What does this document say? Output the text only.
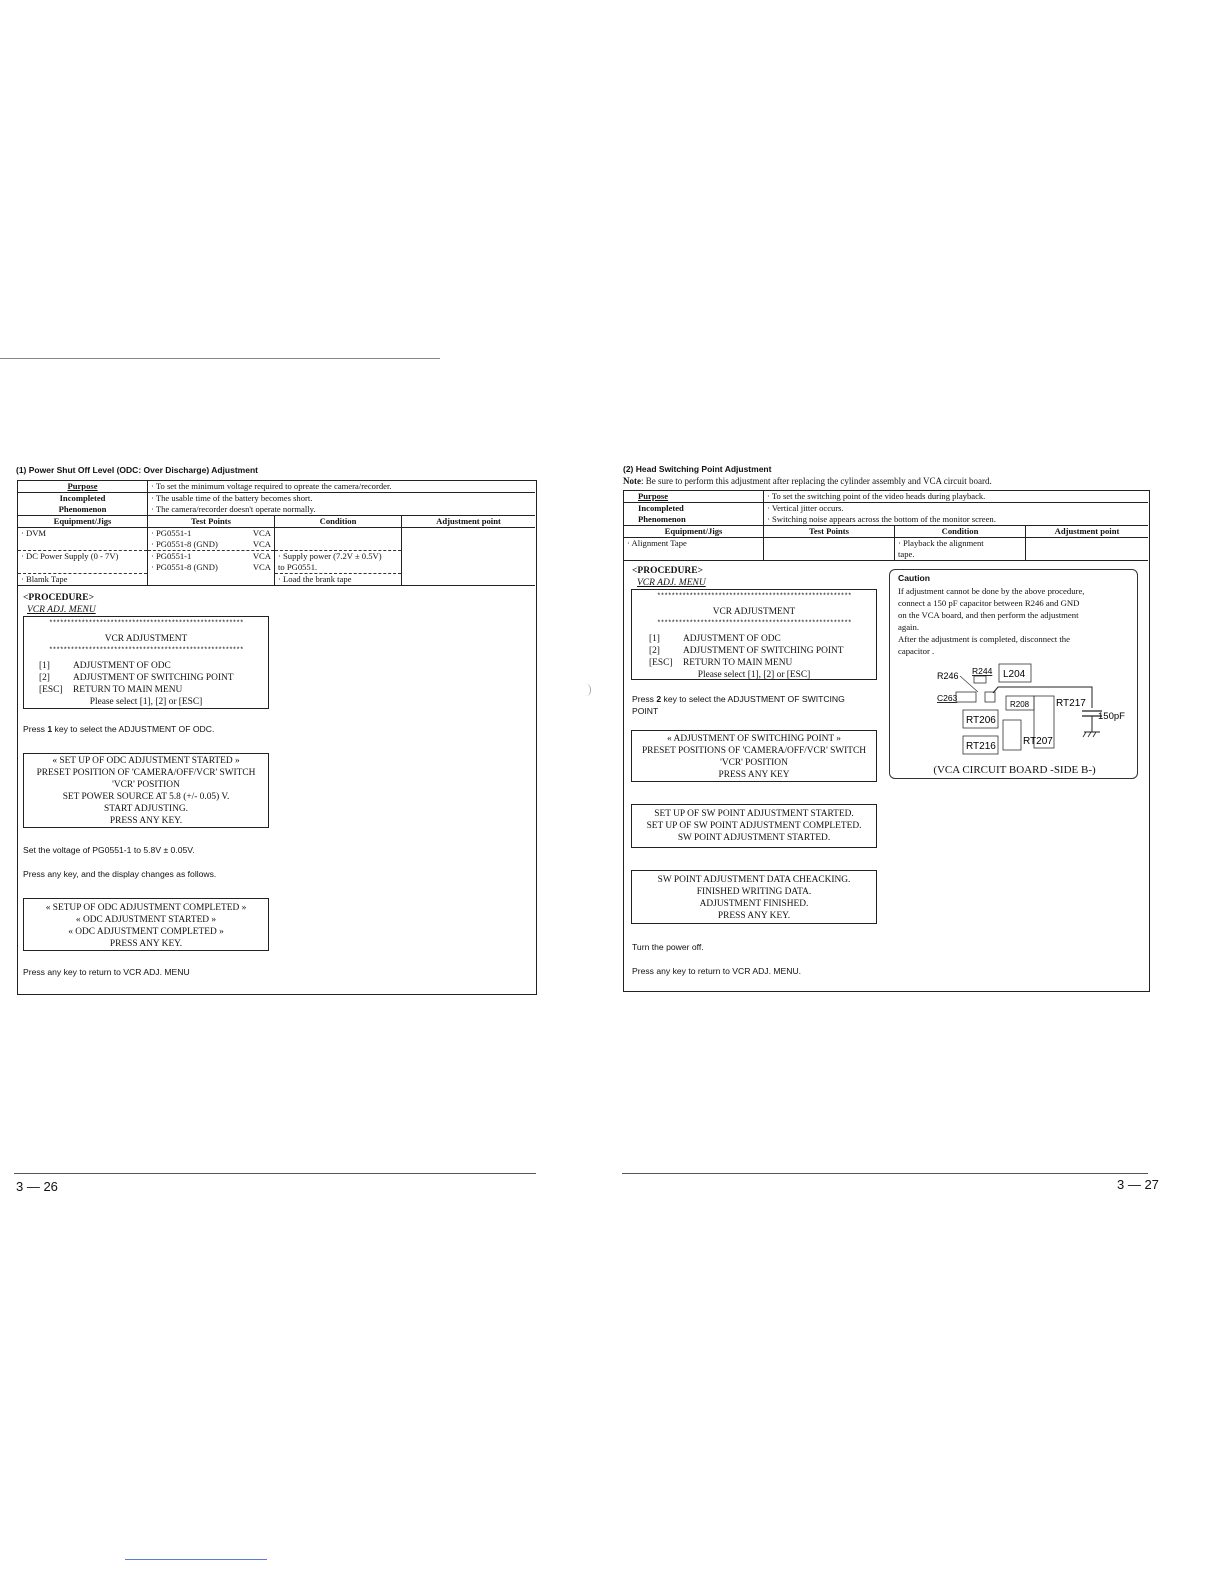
(1) Power Shut Off Level (ODC: Over Discharge) Adjustment
Purpose	· To set the minimum voltage required to opreate the camera/recorder.		
Incompleted	· The usable time of the battery becomes short.		
Phenomenon	· The camera/recorder doesn't operate normally.		
Equipment/Jigs	Test Points	Condition	Adjustment point
· DVM	· PG0551-1 VCA		

	· PG0551-8 (GND) VCA		

· DC Power Supply (0 - 7V)	· PG0551-1 VCA	· Supply power (7.2V ± 0.5V)	

	· PG0551-8 (GND) VCA	to PG0551.	
· Blamk Tape		· Load the brank tape	
<PROCEDURE>
VCR ADJ. MENU
******************************************************
VCR ADJUSTMENT
******************************************************
[1]	ADJUSTMENT OF ODC
[2]	ADJUSTMENT OF SWITCHING POINT
[ESC]	RETURN TO MAIN MENU
Please select [1], [2] or [ESC]
Press 1 key to select the ADJUSTMENT OF ODC.
« SET UP OF ODC ADJUSTMENT STARTED »
PRESET POSITION OF 'CAMERA/OFF/VCR' SWITCH
'VCR' POSITION
SET POWER SOURCE AT 5.8 (+/- 0.05) V.
START ADJUSTING.
PRESS ANY KEY.
Set the voltage of PG0551-1 to 5.8V ± 0.05V.
Press any key, and the display changes as follows.
« SETUP OF ODC ADJUSTMENT COMPLETED »
« ODC ADJUSTMENT STARTED »
« ODC ADJUSTMENT COMPLETED »
PRESS ANY KEY.
Press any key to return to VCR ADJ. MENU
3 — 26
(2) Head Switching Point Adjustment
Note: Be sure to perform this adjustment after replacing the cylinder assembly and VCA circuit board.
Purpose	· To set the switching point of the video heads during playback.		
Incompleted	· Vertical jitter occurs.		
Phenomenon	· Switching noise appears across the bottom of the monitor screen.		
Equipment/Jigs	Test Points	Condition	Adjustment point
· Alignment Tape		· Playback the alignment
tape.	

<PROCEDURE>
VCR ADJ. MENU
******************************************************
VCR ADJUSTMENT
******************************************************
[1]	ADJUSTMENT OF ODC
[2]	ADJUSTMENT OF SWITCHING POINT
[ESC]	RETURN TO MAIN MENU
Please select [1], [2] or [ESC]
Press 2 key to select the ADJUSTMENT OF SWITCING
POINT
« ADJUSTMENT OF SWITCHING POINT »
PRESET POSITIONS OF 'CAMERA/OFF/VCR' SWITCH
'VCR' POSITION
PRESS ANY KEY
SET UP OF SW POINT ADJUSTMENT STARTED.
SET UP OF SW POINT ADJUSTMENT COMPLETED.
SW POINT ADJUSTMENT STARTED.
SW POINT ADJUSTMENT DATA CHEACKING.
FINISHED WRITING DATA.
ADJUSTMENT FINISHED.
PRESS ANY KEY.
Turn the power off.
Press any key to return to VCR ADJ. MENU.
Caution
If adjustment cannot be done by the above procedure,
connect a 150 pF capacitor between R246 and GND
on the VCA board, and then perform the adjustment
again.
After the adjustment is completed, disconnect the
capacitor .
R246 R244 L204
C263
R208	RT217
150pF
RT206
RT216	RT207
(VCA CIRCUIT BOARD -SIDE B-)
3 — 27
